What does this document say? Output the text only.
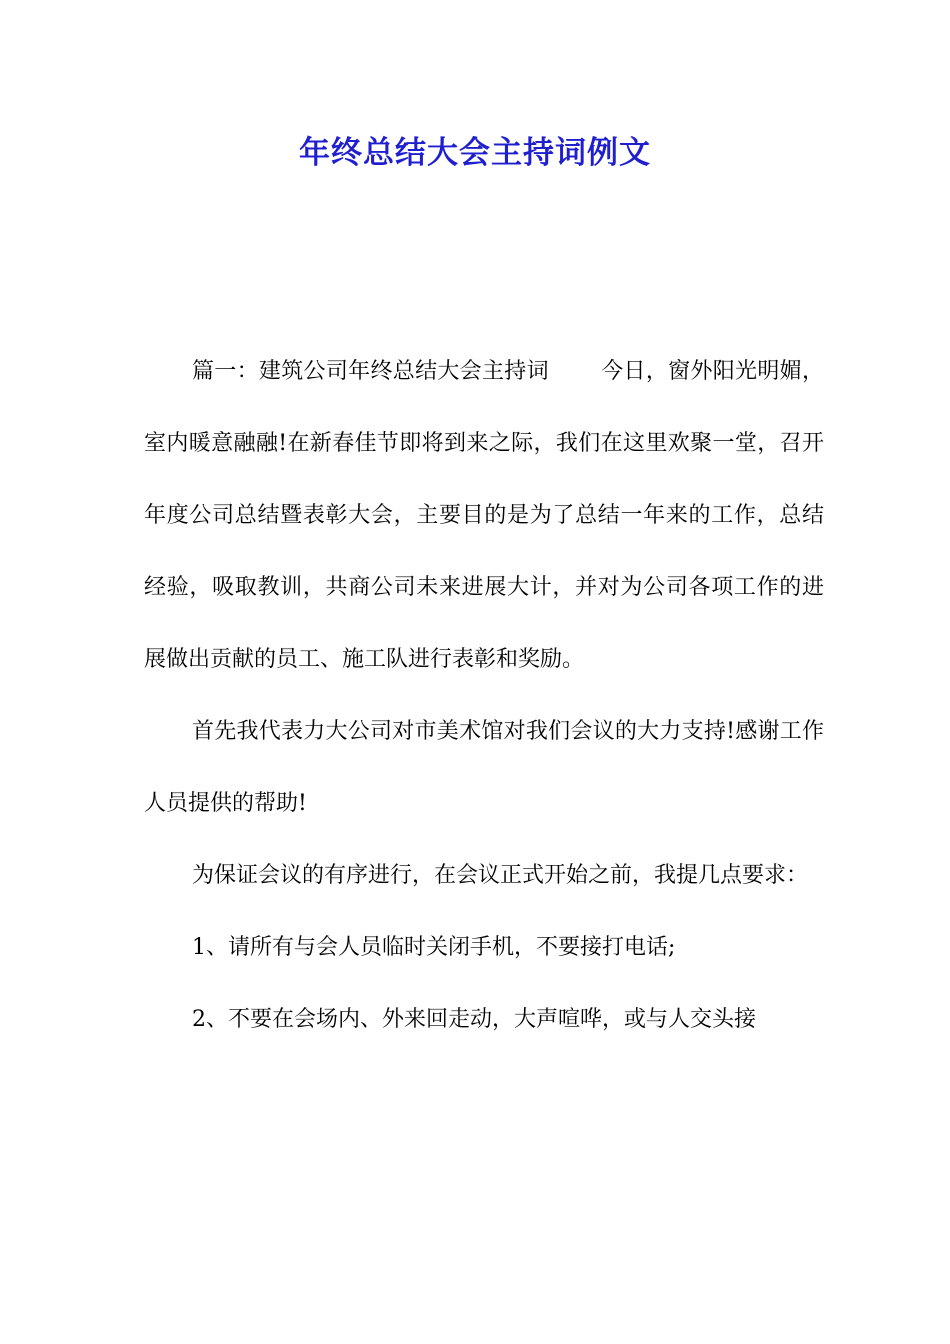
年终总结大会主持词例文

篇一：建筑公司年终总结大会主持词 今日，窗外阳光明媚，室内暖意融融!在新春佳节即将到来之际，我们在这里欢聚一堂，召开年度公司总结暨表彰大会，主要目的是为了总结一年来的工作，总结经验，吸取教训，共商公司未来进展大计，并对为公司各项工作的进展做出贡献的员工、施工队进行表彰和奖励。

首先我代表力大公司对市美术馆对我们会议的大力支持!感谢工作人员提供的帮助!

为保证会议的有序进行，在会议正式开始之前，我提几点要求：

1、请所有与会人员临时关闭手机，不要接打电话;

2、不要在会场内、外来回走动，大声喧哗，或与人交头接
